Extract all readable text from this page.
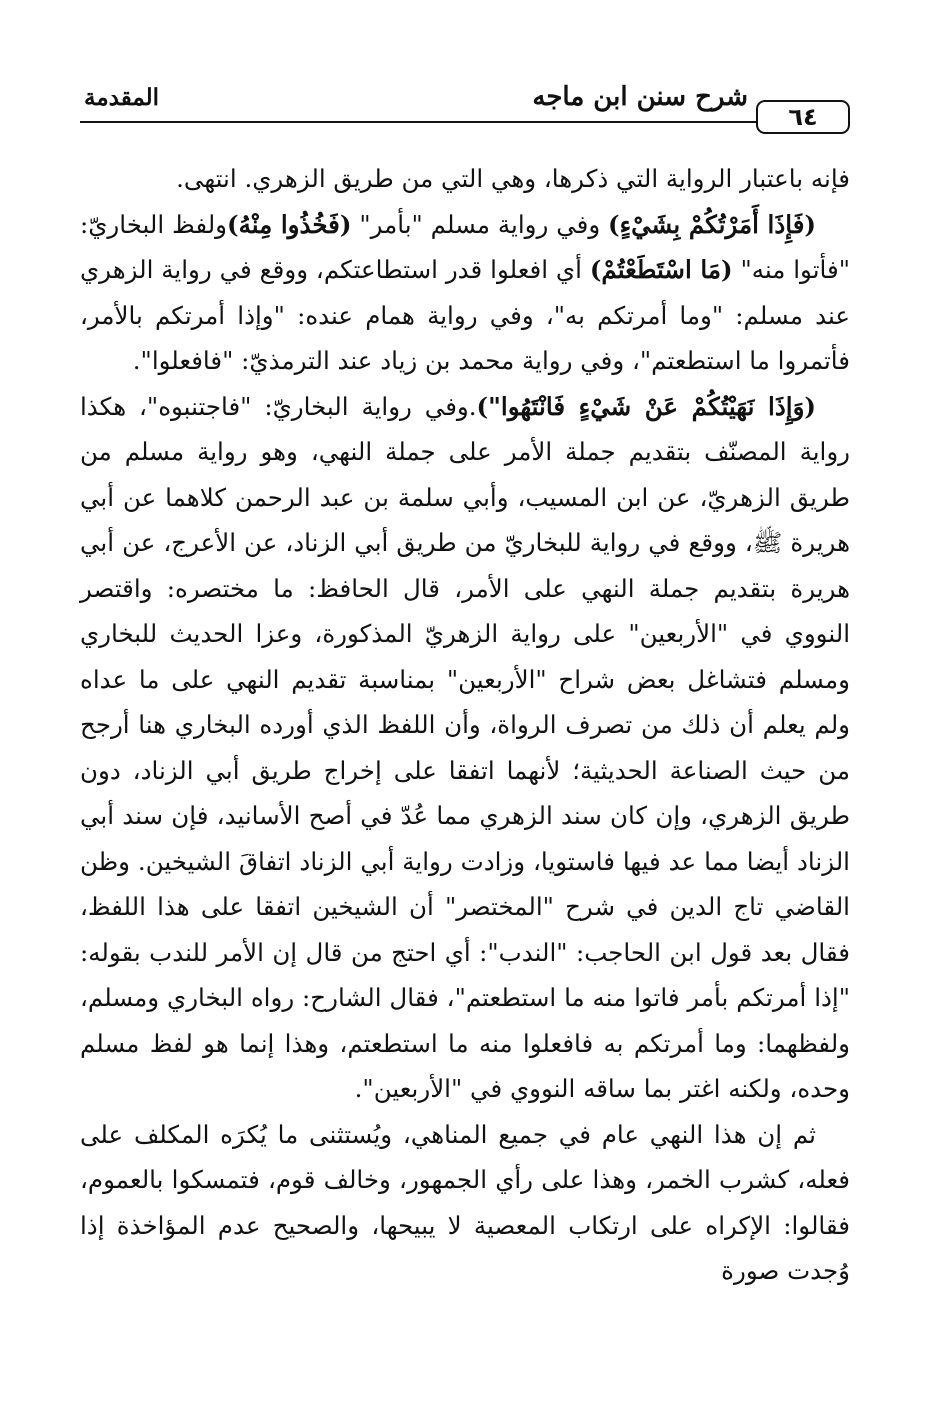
٦٤
شرح سنن ابن ماجه
المقدمة

فإنه باعتبار الرواية التي ذكرها، وهي التي من طريق الزهري. انتهى.

(فَإِذَا أَمَرْتُكُمْ بِشَيْءٍ) وفي رواية مسلم "بأمر" (فَخُذُوا مِنْهُ)ولفظ البخاريّ: "فأتوا منه" (مَا اسْتَطَعْتُمْ) أي افعلوا قدر استطاعتكم، ووقع في رواية الزهري عند مسلم: "وما أمرتكم به"، وفي رواية همام عنده: "وإذا أمرتكم بالأمر، فأتمروا ما استطعتم"، وفي رواية محمد بن زياد عند الترمذيّ: "فافعلوا".

(وَإِذَا نَهَيْتُكُمْ عَنْ شَيْءٍ فَانْتَهُوا").وفي رواية البخاريّ: "فاجتنبوه"، هكذا رواية المصنّف بتقديم جملة الأمر على جملة النهي، وهو رواية مسلم من طريق الزهريّ، عن ابن المسيب، وأبي سلمة بن عبد الرحمن كلاهما عن أبي هريرة ﷺ، ووقع في رواية للبخاريّ من طريق أبي الزناد، عن الأعرج، عن أبي هريرة بتقديم جملة النهي على الأمر، قال الحافظ: ما مختصره: واقتصر النووي في "الأربعين" على رواية الزهريّ المذكورة، وعزا الحديث للبخاري ومسلم فتشاغل بعض شراح "الأربعين" بمناسبة تقديم النهي على ما عداه ولم يعلم أن ذلك من تصرف الرواة، وأن اللفظ الذي أورده البخاري هنا أرجح من حيث الصناعة الحديثية؛ لأنهما اتفقا على إخراج طريق أبي الزناد، دون طريق الزهري، وإن كان سند الزهري مما عُدّ في أصح الأسانيد، فإن سند أبي الزناد أيضا مما عد فيها فاستويا، وزادت رواية أبي الزناد اتفاقَ الشيخين. وظن القاضي تاج الدين في شرح "المختصر" أن الشيخين اتفقا على هذا اللفظ، فقال بعد قول ابن الحاجب: "الندب": أي احتج من قال إن الأمر للندب بقوله: "إذا أمرتكم بأمر فاتوا منه ما استطعتم"، فقال الشارح: رواه البخاري ومسلم، ولفظهما: وما أمرتكم به فافعلوا منه ما استطعتم، وهذا إنما هو لفظ مسلم وحده، ولكنه اغتر بما ساقه النووي في "الأربعين".

ثم إن هذا النهي عام في جميع المناهي، ويُستثنى ما يُكرَه المكلف على فعله، كشرب الخمر، وهذا على رأي الجمهور، وخالف قوم، فتمسكوا بالعموم، فقالوا: الإكراه على ارتكاب المعصية لا يبيحها، والصحيح عدم المؤاخذة إذا وُجدت صورة
